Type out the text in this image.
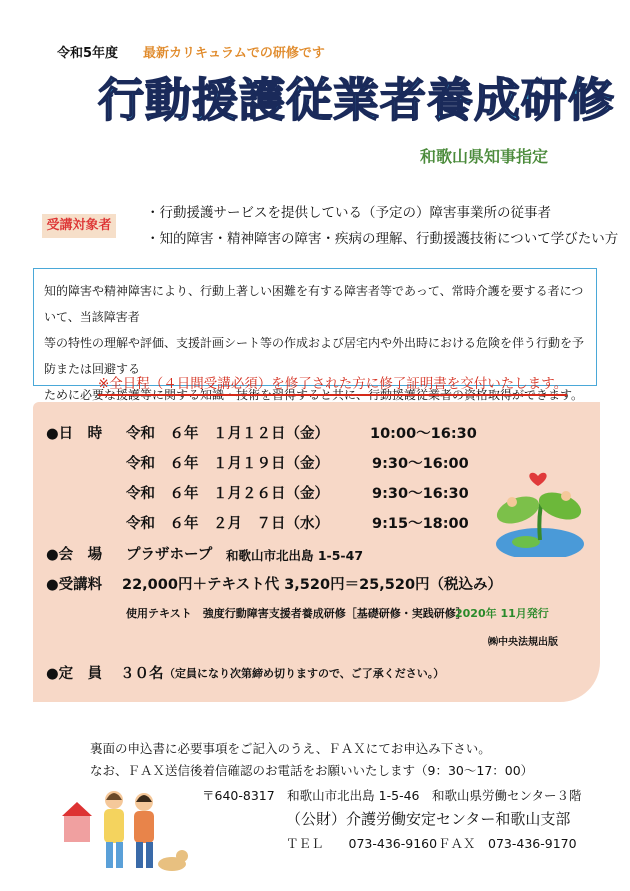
令和5年度 最新カリキュラムでの研修です
行動援護従業者養成研修
和歌山県知事指定
受講対象者
・行動援護サービスを提供している（予定の）障害事業所の従事者
・知的障害・精神障害の障害・疾病の理解、行動援護技術について学びたい方
知的障害や精神障害により、行動上著しい困難を有する障害者等であって、常時介護を要する者について、当該障害者
等の特性の理解や評価、支援計画シート等の作成および居宅内や外出時における危険を伴う行動を予防または回避する
ために必要な援護等に関する知識・技術を習得すると共に、行動援護従業者の資格取得ができます。
※全日程（４日間受講必須）を修了された方に修了証明書を交付いたします。
●日　時 令和　６年　１月１２日（金）	10:00～16:30
令和　６年　１月１９日（金）	9:30～16:00
令和　６年　１月２６日（金）	9:30～16:30
令和　６年　２月　７日（水）	9:15～18:00
●会　場 プラザホープ 和歌山市北出島 1-5-47
●受講料 22,000円＋テキスト代 3,520円＝25,520円（税込み）
使用テキスト　強度行動障害支援者養成研修［基礎研修・実践研修］
2020年 11月発行
㈱中央法規出版
●定　員 ３０名 （定員になり次第締め切りますので、ご了承ください。）
裏面の申込書に必要事項をご記入のうえ、ＦＡＸにてお申込み下さい。
なお、ＦＡＸ送信後着信確認のお電話をお願いいたします（9：30～17：00）
〒640-8317　和歌山市北出島 1-5-46　和歌山県労働センター３階
（公財）介護労働安定センター和歌山支部
ＴＥＬ　　073-436-9160 ＦＡＸ　073-436-9170
